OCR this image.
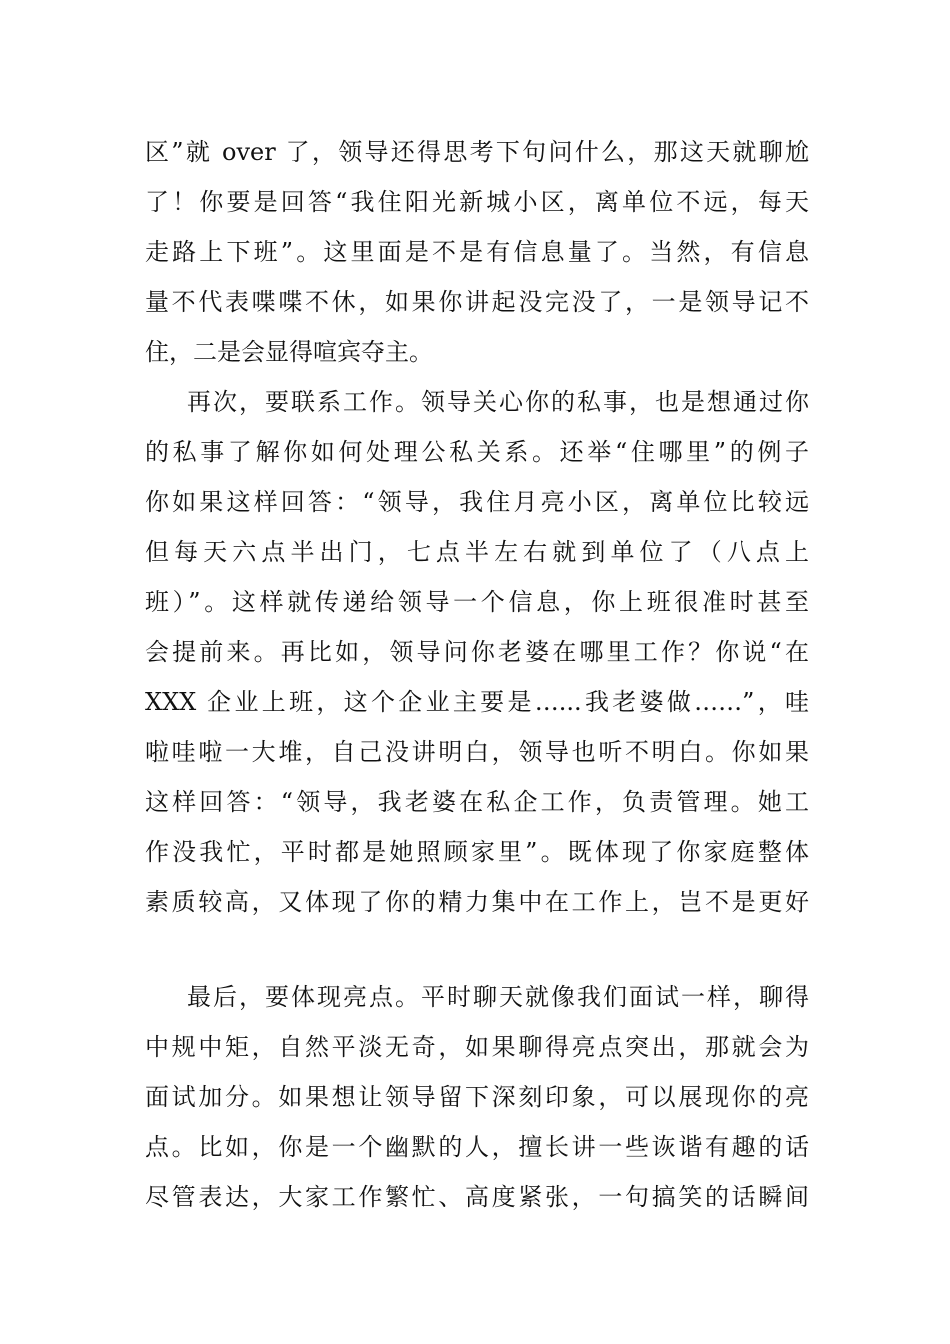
区”就 over 了，领导还得思考下句问什么，那这天就聊尬
了！你要是回答“我住阳光新城小区，离单位不远，每天
走路上下班”。这里面是不是有信息量了。当然，有信息
量不代表喋喋不休，如果你讲起没完没了，一是领导记不
住，二是会显得喧宾夺主。
再次，要联系工作。领导关心你的私事，也是想通过你
的私事了解你如何处理公私关系。还举“住哪里”的例子
你如果这样回答：“领导，我住月亮小区，离单位比较远
但每天六点半出门，七点半左右就到单位了（八点上
班）”。这样就传递给领导一个信息，你上班很准时甚至
会提前来。再比如，领导问你老婆在哪里工作？你说“在
XXX 企业上班，这个企业主要是…...我老婆做……”，哇
啦哇啦一大堆，自己没讲明白，领导也听不明白。你如果
这样回答：“领导，我老婆在私企工作，负责管理。她工
作没我忙，平时都是她照顾家里”。既体现了你家庭整体
素质较高，又体现了你的精力集中在工作上，岂不是更好
最后，要体现亮点。平时聊天就像我们面试一样，聊得
中规中矩，自然平淡无奇，如果聊得亮点突出，那就会为
面试加分。如果想让领导留下深刻印象，可以展现你的亮
点。比如，你是一个幽默的人，擅长讲一些诙谐有趣的话
尽管表达，大家工作繁忙、高度紧张，一句搞笑的话瞬间
